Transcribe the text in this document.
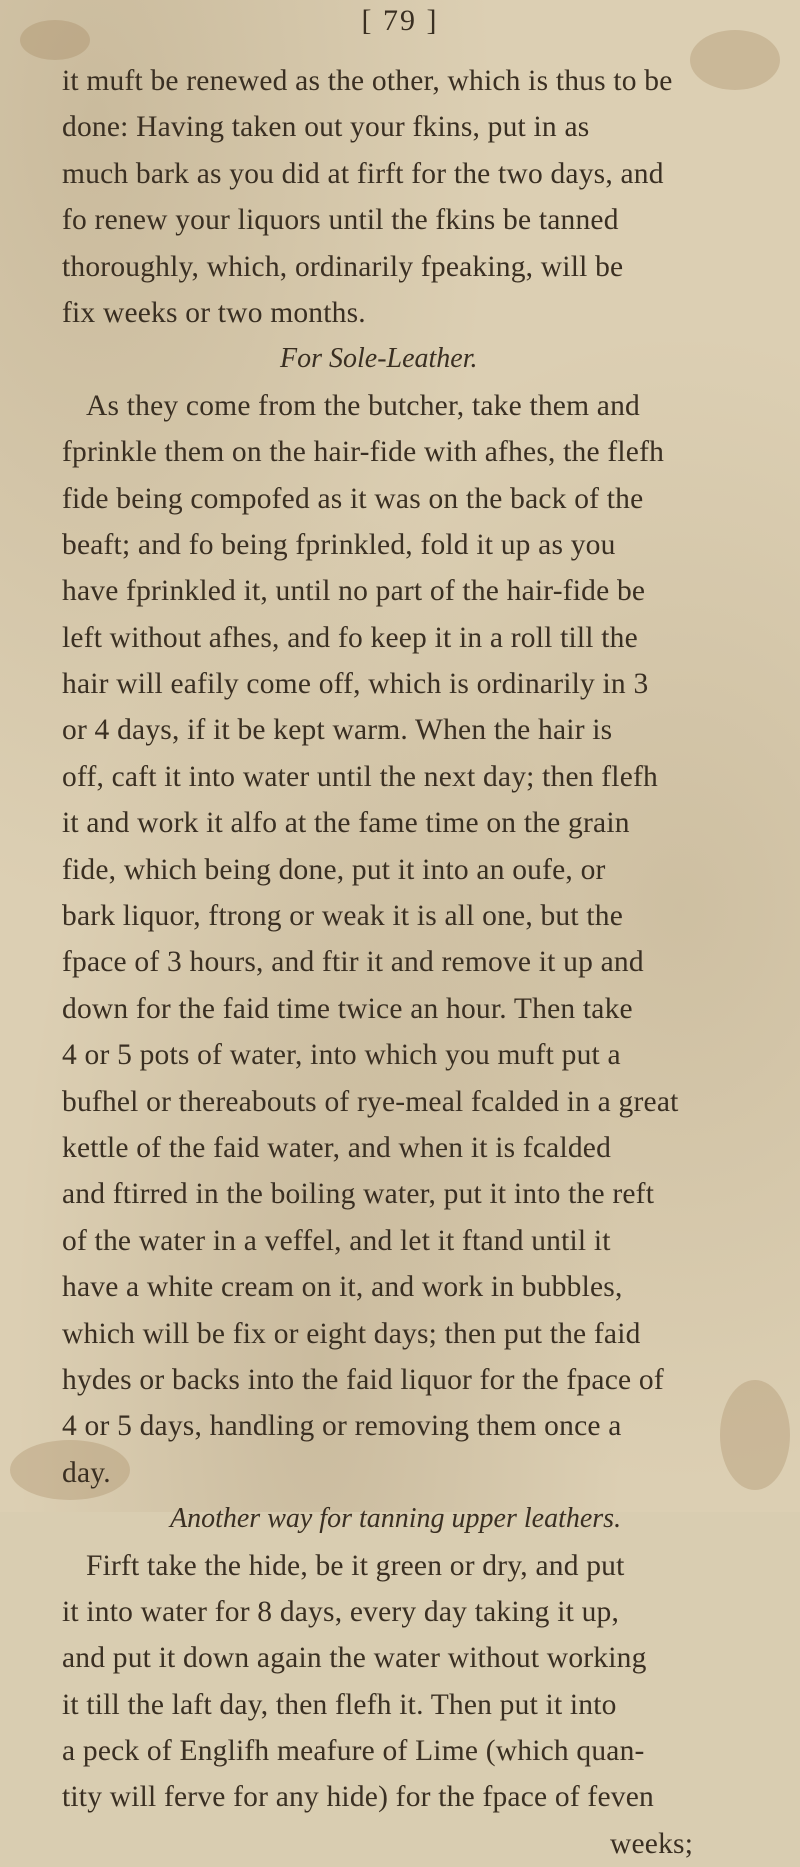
[ 79 ]
it muft be renewed as the other, which is thus to be
done: Having taken out your fkins, put in as
much bark as you did at firft for the two days, and
fo renew your liquors until the fkins be tanned
thoroughly, which, ordinarily fpeaking, will be
fix weeks or two months.
For Sole-Leather.
As they come from the butcher, take them and
fprinkle them on the hair-fide with afhes, the flefh
fide being compofed as it was on the back of the
beaft; and fo being fprinkled, fold it up as you
have fprinkled it, until no part of the hair-fide be
left without afhes, and fo keep it in a roll till the
hair will eafily come off, which is ordinarily in 3
or 4 days, if it be kept warm. When the hair is
off, caft it into water until the next day; then flefh
it and work it alfo at the fame time on the grain
fide, which being done, put it into an oufe, or
bark liquor, ftrong or weak it is all one, but the
fpace of 3 hours, and ftir it and remove it up and
down for the faid time twice an hour. Then take
4 or 5 pots of water, into which you muft put a
bufhel or thereabouts of rye-meal fcalded in a great
kettle of the faid water, and when it is fcalded
and ftirred in the boiling water, put it into the reft
of the water in a veffel, and let it ftand until it
have a white cream on it, and work in bubbles,
which will be fix or eight days; then put the faid
hydes or backs into the faid liquor for the fpace of
4 or 5 days, handling or removing them once a
day.
Another way for tanning upper leathers.
Firft take the hide, be it green or dry, and put
it into water for 8 days, every day taking it up,
and put it down again the water without working
it till the laft day, then flefh it. Then put it into
a peck of Englifh meafure of Lime (which quan-
tity will ferve for any hide) for the fpace of feven
weeks;
